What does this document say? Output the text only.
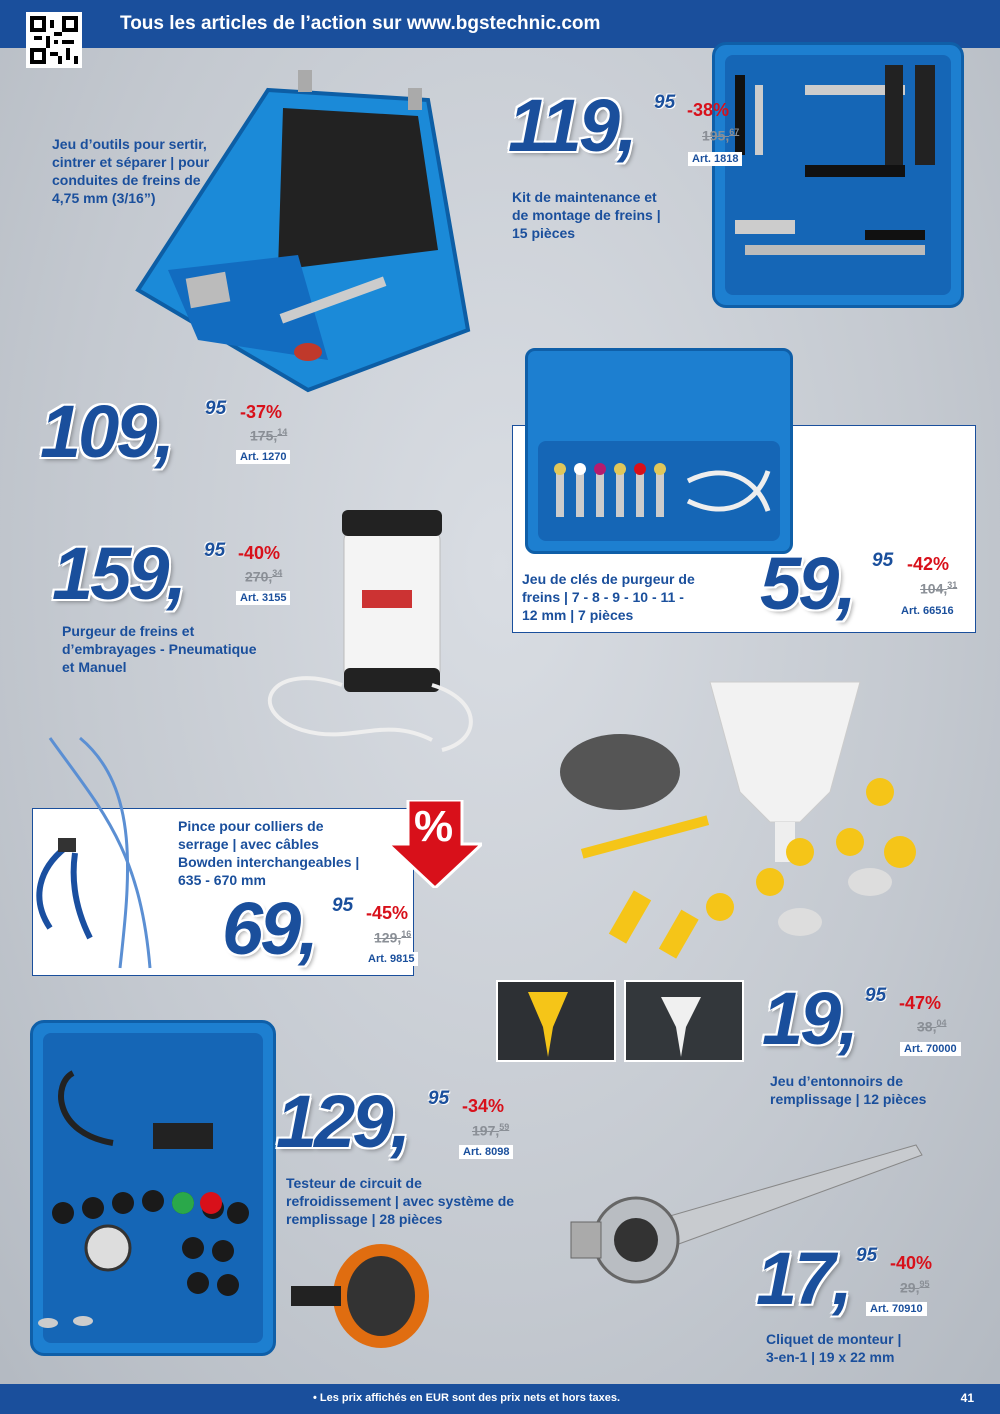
Tous les articles de l’action sur www.bgstechnic.com
Jeu d’outils pour sertir,
cintrer et séparer | pour
conduites de freins de
4,75 mm (3/16”)
109, 95 -37%
175,14
Art. 1270
119, 95 -38%
195,67
Art. 1818
Kit de maintenance et
de montage de freins |
15 pièces
Jeu de clés de purgeur de
freins | 7 - 8 - 9 - 10 - 11 -
12 mm | 7 pièces	59, 95 -42%
104,31
Art. 66516
159, 95 -40%
270,34
Art. 3155
Purgeur de freins et
d’embrayages - Pneumatique
et Manuel
Pince pour colliers de
serrage | avec câbles
Bowden interchangeables |
635 - 670 mm
%
69, 95 -45%
129,16
Art. 9815
19, 95 -47%
38,04
Art. 70000
Jeu d’entonnoirs de
remplissage | 12 pièces
129, 95 -34%
197,59
Art. 8098
Testeur de circuit de
refroidissement | avec système de
remplissage | 28 pièces
17, 95 -40%
29,95
Art. 70910
Cliquet de monteur |
3-en-1 | 19 x 22 mm
• Les prix affichés en EUR sont des prix nets et hors taxes.	41
